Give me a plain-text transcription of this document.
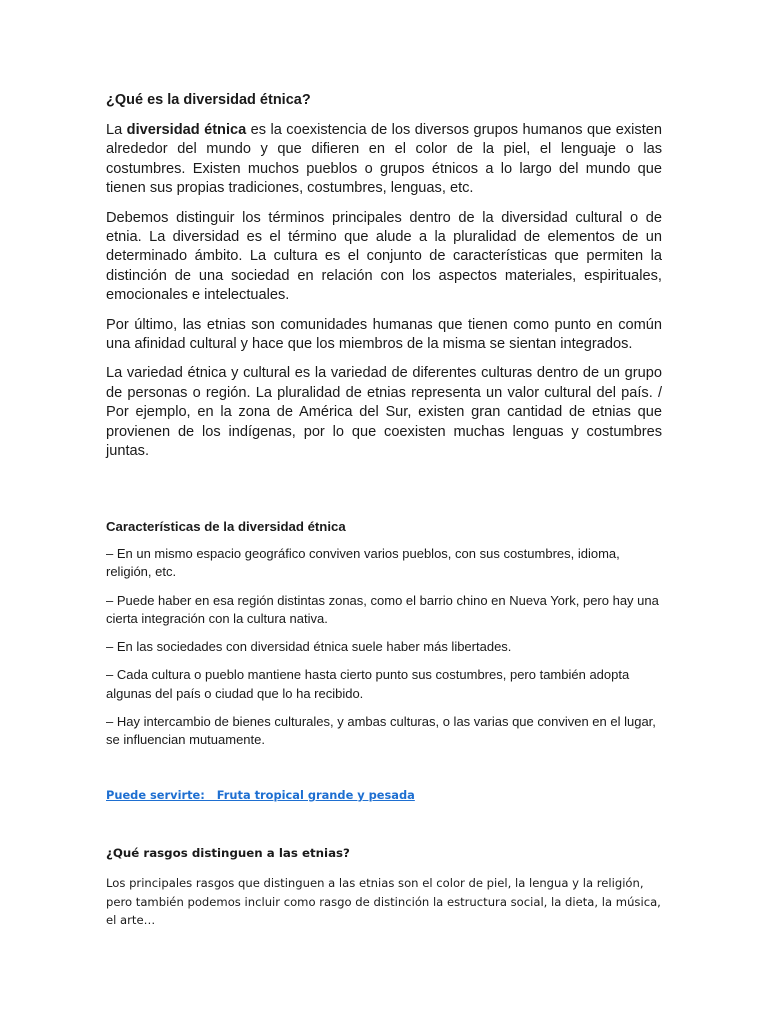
¿Qué es la diversidad étnica?

La diversidad étnica es la coexistencia de los diversos grupos humanos que existen alrededor del mundo y que difieren en el color de la piel, el lenguaje o las costumbres. Existen muchos pueblos o grupos étnicos a lo largo del mundo que tienen sus propias tradiciones, costumbres, lenguas, etc.

Debemos distinguir los términos principales dentro de la diversidad cultural o de etnia. La diversidad es el término que alude a la pluralidad de elementos de un determinado ámbito. La cultura es el conjunto de características que permiten la distinción de una sociedad en relación con los aspectos materiales, espirituales, emocionales e intelectuales.

Por último, las etnias son comunidades humanas que tienen como punto en común una afinidad cultural y hace que los miembros de la misma se sientan integrados.

La variedad étnica y cultural es la variedad de diferentes culturas dentro de un grupo de personas o región. La pluralidad de etnias representa un valor cultural del país. / Por ejemplo, en la zona de América del Sur, existen gran cantidad de etnias que provienen de los indígenas, por lo que coexisten muchas lenguas y costumbres juntas.

Características de la diversidad étnica

– En un mismo espacio geográfico conviven varios pueblos, con sus costumbres, idioma, religión, etc.

– Puede haber en esa región distintas zonas, como el barrio chino en Nueva York, pero hay una cierta integración con la cultura nativa.

– En las sociedades con diversidad étnica suele haber más libertades.

– Cada cultura o pueblo mantiene hasta cierto punto sus costumbres, pero también adopta algunas del país o ciudad que lo ha recibido.

– Hay intercambio de bienes culturales, y ambas culturas, o las varias que conviven en el lugar, se influencian mutuamente.

Puede servirte:   Fruta tropical grande y pesada
¿Qué rasgos distinguen a las etnias?

Los principales rasgos que distinguen a las etnias son el color de piel, la lengua y la religión, pero también podemos incluir como rasgo de distinción la estructura social, la dieta, la música, el arte…
